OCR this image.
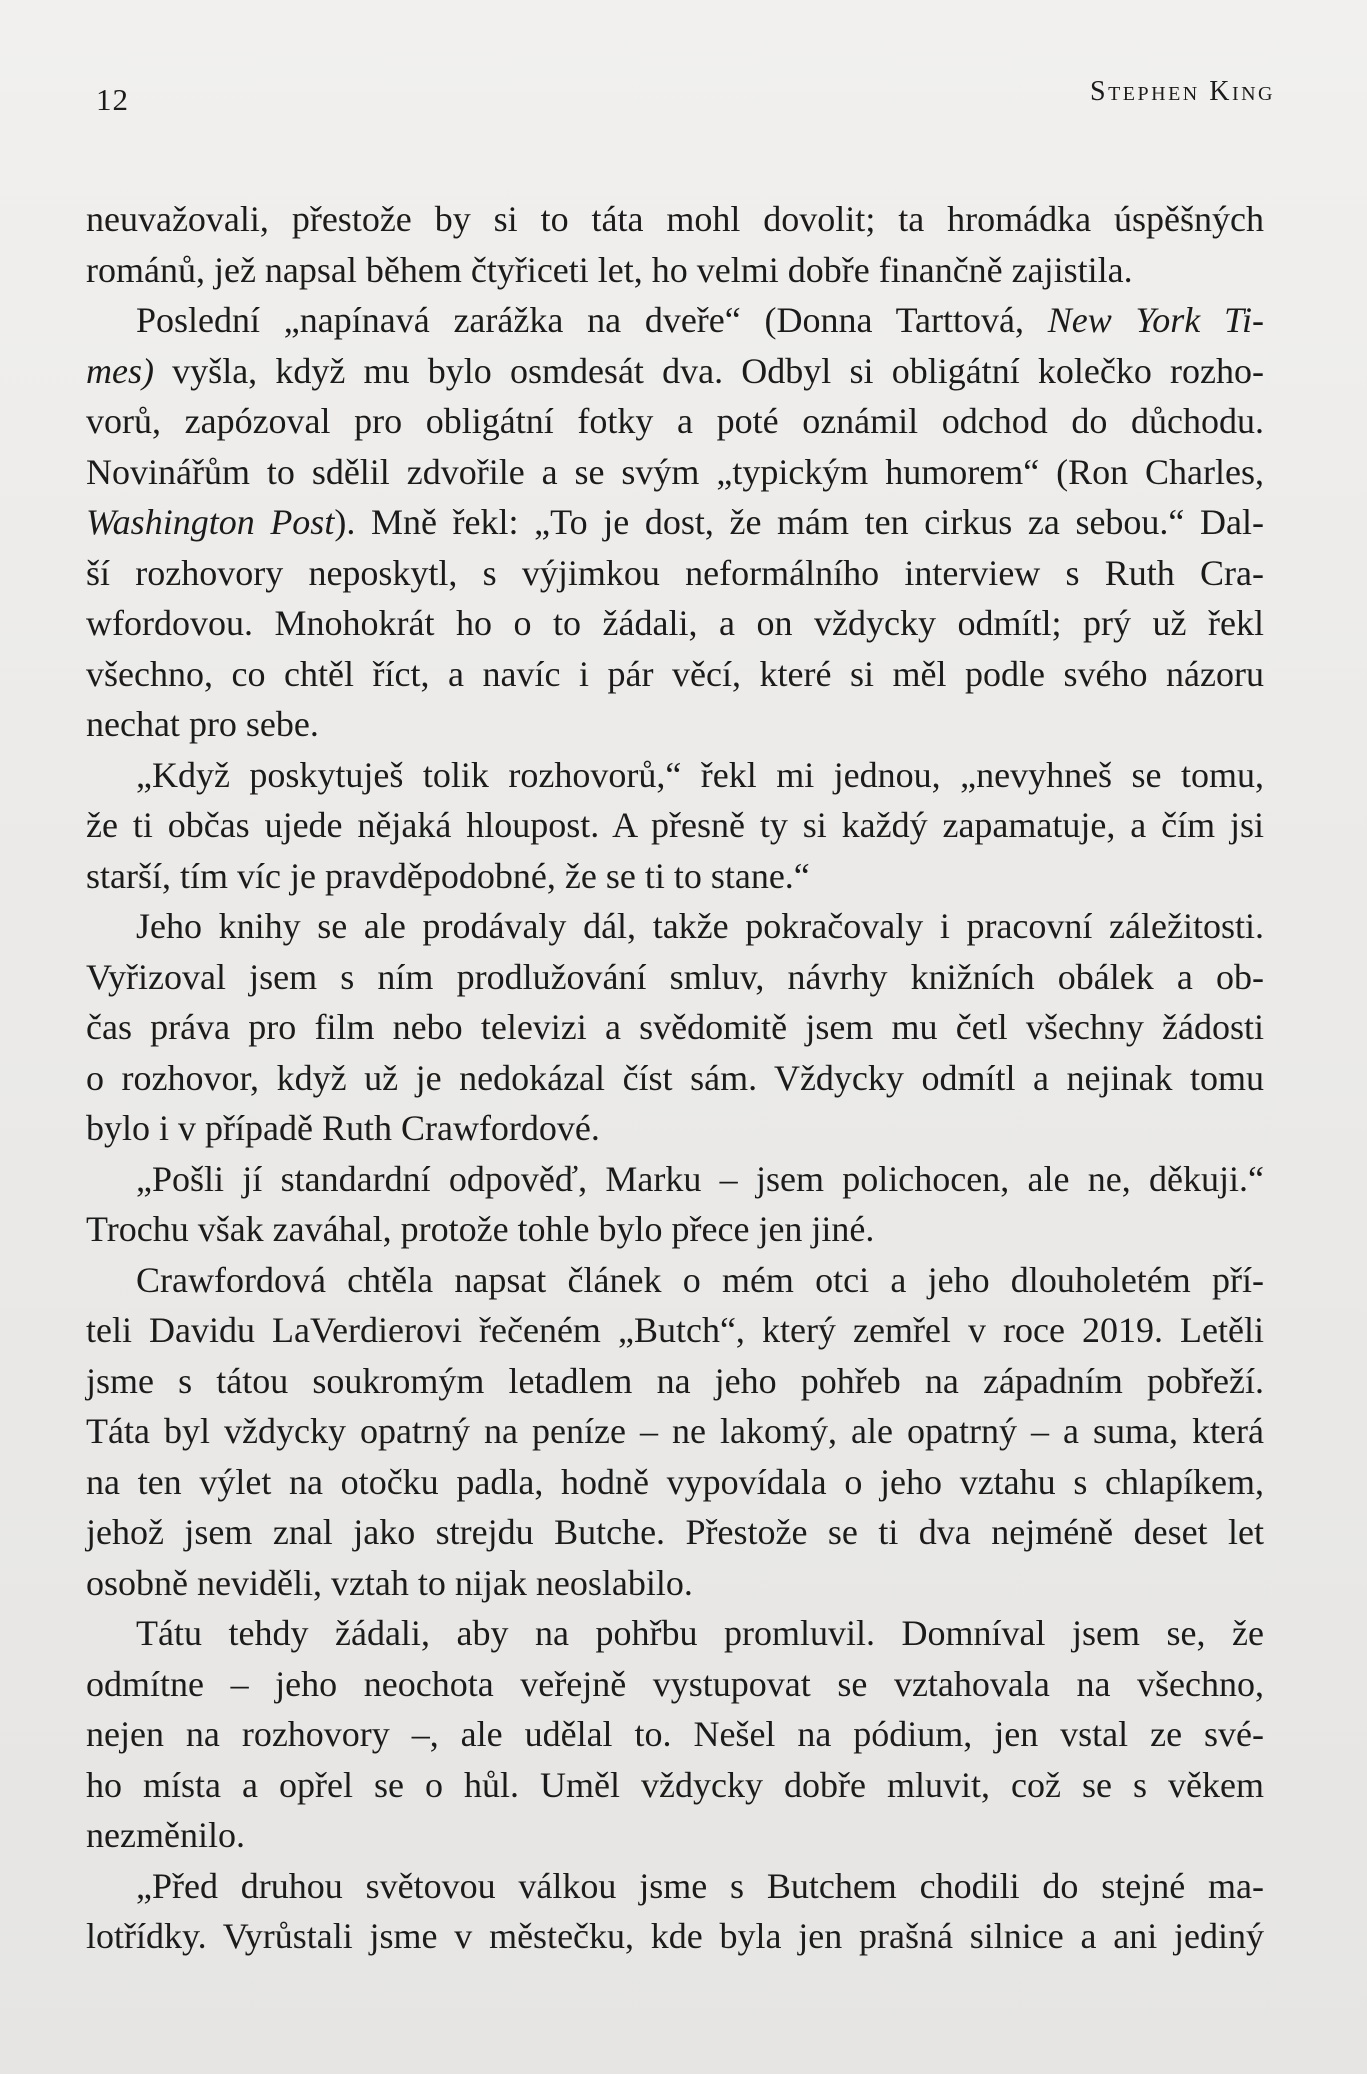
12	Stephen King
neuvažovali, přestože by si to táta mohl dovolit; ta hromádka úspěšných
románů, jež napsal během čtyřiceti let, ho velmi dobře finančně zajistila.
Poslední „napínavá zarážka na dveře“ (Donna Tarttová, New York Ti-
mes) vyšla, když mu bylo osmdesát dva. Odbyl si obligátní kolečko rozho-
vorů, zapózoval pro obligátní fotky a poté oznámil odchod do důchodu.
Novinářům to sdělil zdvořile a se svým „typickým humorem“ (Ron Charles,
Washington Post). Mně řekl: „To je dost, že mám ten cirkus za sebou.“ Dal-
ší rozhovory neposkytl, s výjimkou neformálního interview s Ruth Cra-
wfordovou. Mnohokrát ho o to žádali, a on vždycky odmítl; prý už řekl
všechno, co chtěl říct, a navíc i pár věcí, které si měl podle svého názoru
nechat pro sebe.
„Když poskytuješ tolik rozhovorů,“ řekl mi jednou, „nevyhneš se tomu,
že ti občas ujede nějaká hloupost. A přesně ty si každý zapamatuje, a čím jsi
starší, tím víc je pravděpodobné, že se ti to stane.“
Jeho knihy se ale prodávaly dál, takže pokračovaly i pracovní záležitosti.
Vyřizoval jsem s ním prodlužování smluv, návrhy knižních obálek a ob-
čas práva pro film nebo televizi a svědomitě jsem mu četl všechny žádosti
o rozhovor, když už je nedokázal číst sám. Vždycky odmítl a nejinak tomu
bylo i v případě Ruth Crawfordové.
„Pošli jí standardní odpověď, Marku – jsem polichocen, ale ne, děkuji.“
Trochu však zaváhal, protože tohle bylo přece jen jiné.
Crawfordová chtěla napsat článek o mém otci a jeho dlouholetém pří-
teli Davidu LaVerdierovi řečeném „Butch“, který zemřel v roce 2019. Letěli
jsme s tátou soukromým letadlem na jeho pohřeb na západním pobřeží.
Táta byl vždycky opatrný na peníze – ne lakomý, ale opatrný – a suma, která
na ten výlet na otočku padla, hodně vypovídala o jeho vztahu s chlapíkem,
jehož jsem znal jako strejdu Butche. Přestože se ti dva nejméně deset let
osobně neviděli, vztah to nijak neoslabilo.
Tátu tehdy žádali, aby na pohřbu promluvil. Domníval jsem se, že
odmítne – jeho neochota veřejně vystupovat se vztahovala na všechno,
nejen na rozhovory –, ale udělal to. Nešel na pódium, jen vstal ze své-
ho místa a opřel se o hůl. Uměl vždycky dobře mluvit, což se s věkem
nezměnilo.
„Před druhou světovou válkou jsme s Butchem chodili do stejné ma-
lotřídky. Vyrůstali jsme v městečku, kde byla jen prašná silnice a ani jediný
